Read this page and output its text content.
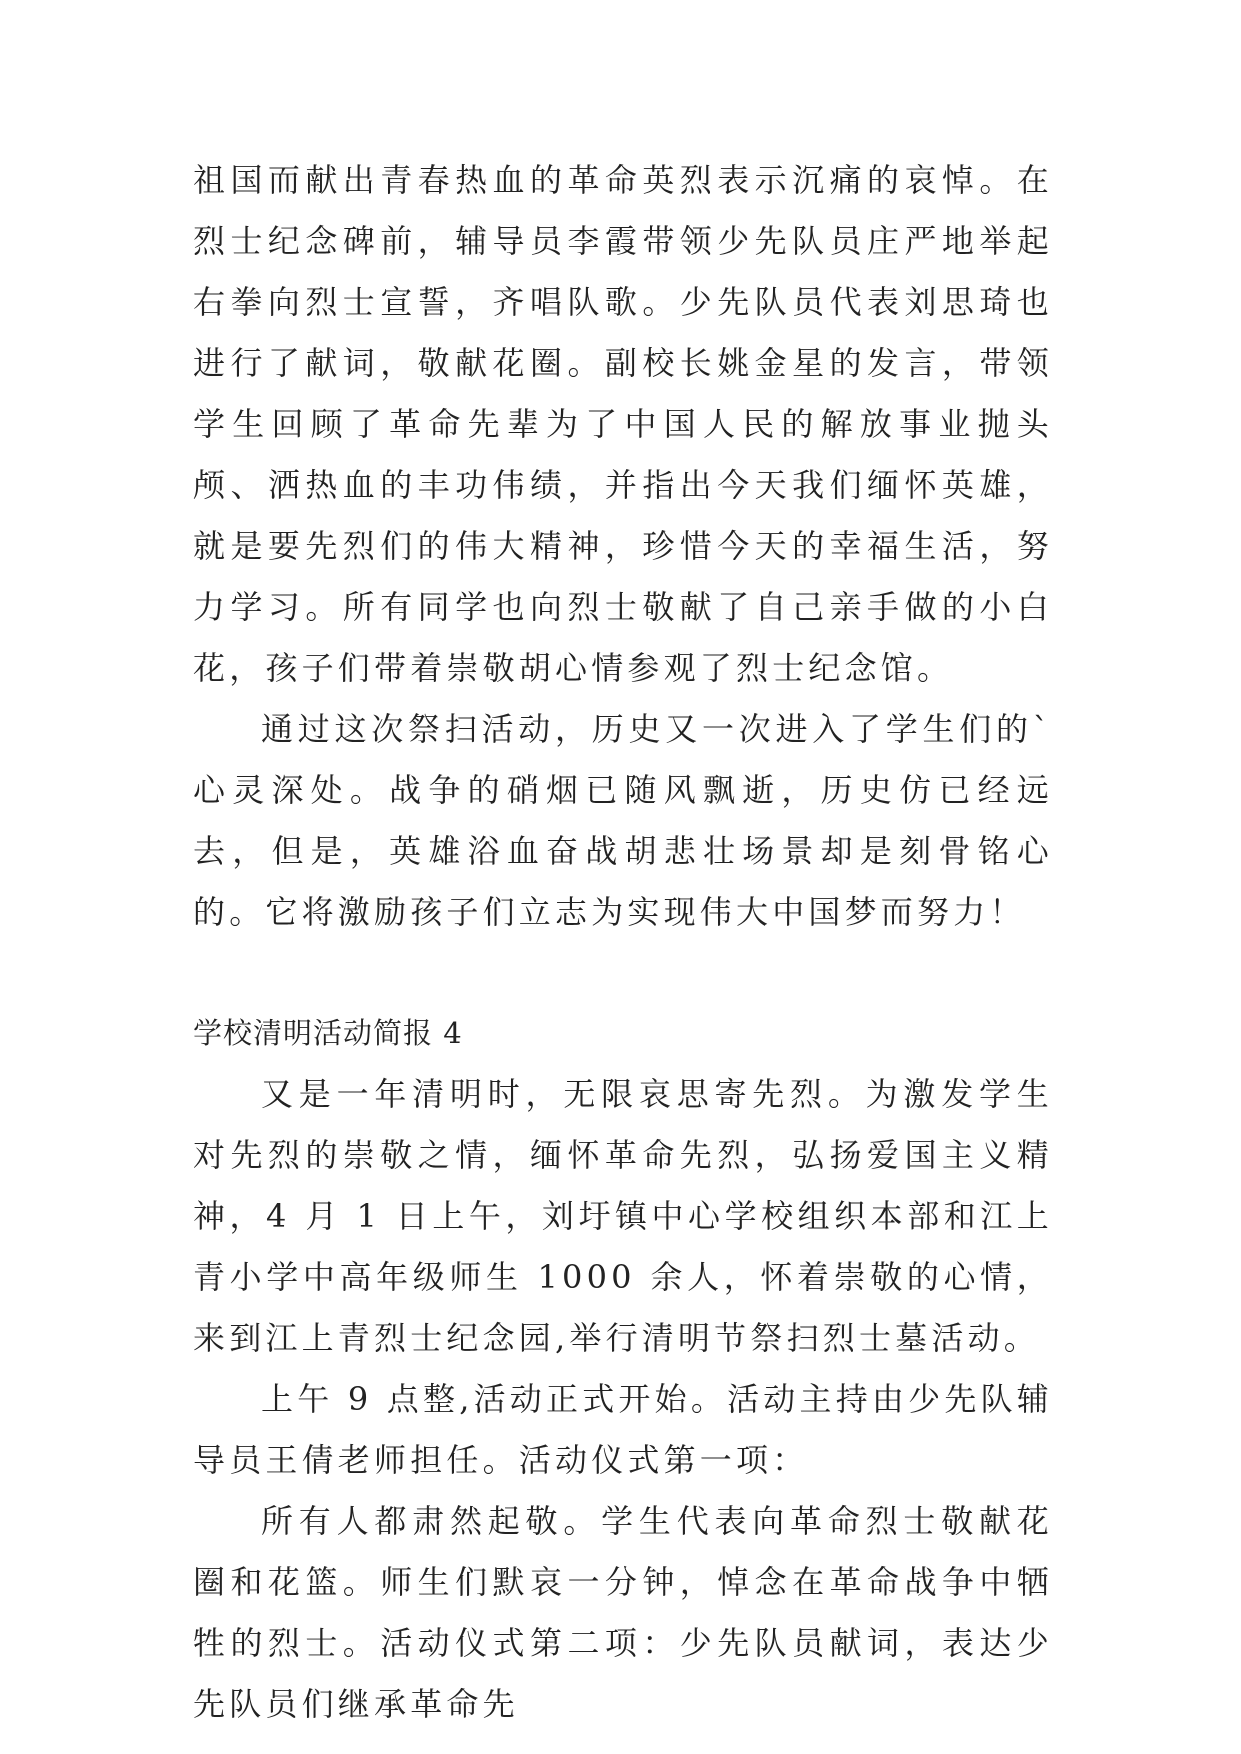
祖国而献出青春热血的革命英烈表示沉痛的哀悼。在烈士纪念碑前，辅导员李霞带领少先队员庄严地举起右拳向烈士宣誓，齐唱队歌。少先队员代表刘思琦也进行了献词，敬献花圈。副校长姚金星的发言，带领学生回顾了革命先辈为了中国人民的解放事业抛头颅、洒热血的丰功伟绩，并指出今天我们缅怀英雄，就是要先烈们的伟大精神，珍惜今天的幸福生活，努力学习。所有同学也向烈士敬献了自己亲手做的小白花，孩子们带着崇敬胡心情参观了烈士纪念馆。

通过这次祭扫活动，历史又一次进入了学生们的`心灵深处。战争的硝烟已随风飘逝，历史仿已经远去，但是，英雄浴血奋战胡悲壮场景却是刻骨铭心的。它将激励孩子们立志为实现伟大中国梦而努力！

学校清明活动简报 4

又是一年清明时，无限哀思寄先烈。为激发学生对先烈的崇敬之情，缅怀革命先烈，弘扬爱国主义精神，4 月 1 日上午，刘圩镇中心学校组织本部和江上青小学中高年级师生 1000 余人，怀着崇敬的心情，来到江上青烈士纪念园,举行清明节祭扫烈士墓活动。

上午 9 点整,活动正式开始。活动主持由少先队辅导员王倩老师担任。活动仪式第一项：

所有人都肃然起敬。学生代表向革命烈士敬献花圈和花篮。师生们默哀一分钟，悼念在革命战争中牺牲的烈士。活动仪式第二项：少先队员献词，表达少先队员们继承革命先
